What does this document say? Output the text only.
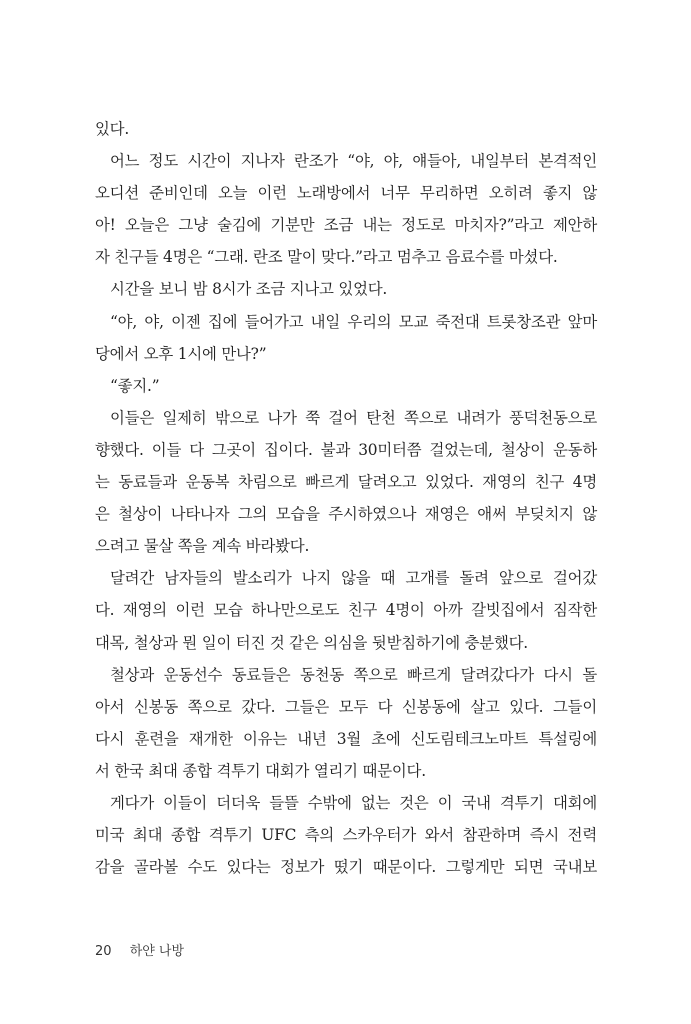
있다.
어느 정도 시간이 지나자 란조가 “야, 야, 얘들아, 내일부터 본격적인
오디션 준비인데 오늘 이런 노래방에서 너무 무리하면 오히려 좋지 않
아! 오늘은 그냥 술김에 기분만 조금 내는 정도로 마치자?”라고 제안하
자 친구들 4명은 “그래. 란조 말이 맞다.”라고 멈추고 음료수를 마셨다.
시간을 보니 밤 8시가 조금 지나고 있었다.
“야, 야, 이젠 집에 들어가고 내일 우리의 모교 죽전대 트롯창조관 앞마
당에서 오후 1시에 만나?”
“좋지.”
이들은 일제히 밖으로 나가 쭉 걸어 탄천 쪽으로 내려가 풍덕천동으로
향했다. 이들 다 그곳이 집이다. 불과 30미터쯤 걸었는데, 철상이 운동하
는 동료들과 운동복 차림으로 빠르게 달려오고 있었다. 재영의 친구 4명
은 철상이 나타나자 그의 모습을 주시하였으나 재영은 애써 부딪치지 않
으려고 물살 쪽을 계속 바라봤다.
달려간 남자들의 발소리가 나지 않을 때 고개를 돌려 앞으로 걸어갔
다. 재영의 이런 모습 하나만으로도 친구 4명이 아까 갈빗집에서 짐작한
대목, 철상과 뭔 일이 터진 것 같은 의심을 뒷받침하기에 충분했다.
철상과 운동선수 동료들은 동천동 쪽으로 빠르게 달려갔다가 다시 돌
아서 신봉동 쪽으로 갔다. 그들은 모두 다 신봉동에 살고 있다. 그들이
다시 훈련을 재개한 이유는 내년 3월 초에 신도림테크노마트 특설링에
서 한국 최대 종합 격투기 대회가 열리기 때문이다.
게다가 이들이 더더욱 들뜰 수밖에 없는 것은 이 국내 격투기 대회에
미국 최대 종합 격투기 UFC 측의 스카우터가 와서 참관하며 즉시 전력
감을 골라볼 수도 있다는 정보가 떴기 때문이다. 그렇게만 되면 국내보
20 하얀 나방
